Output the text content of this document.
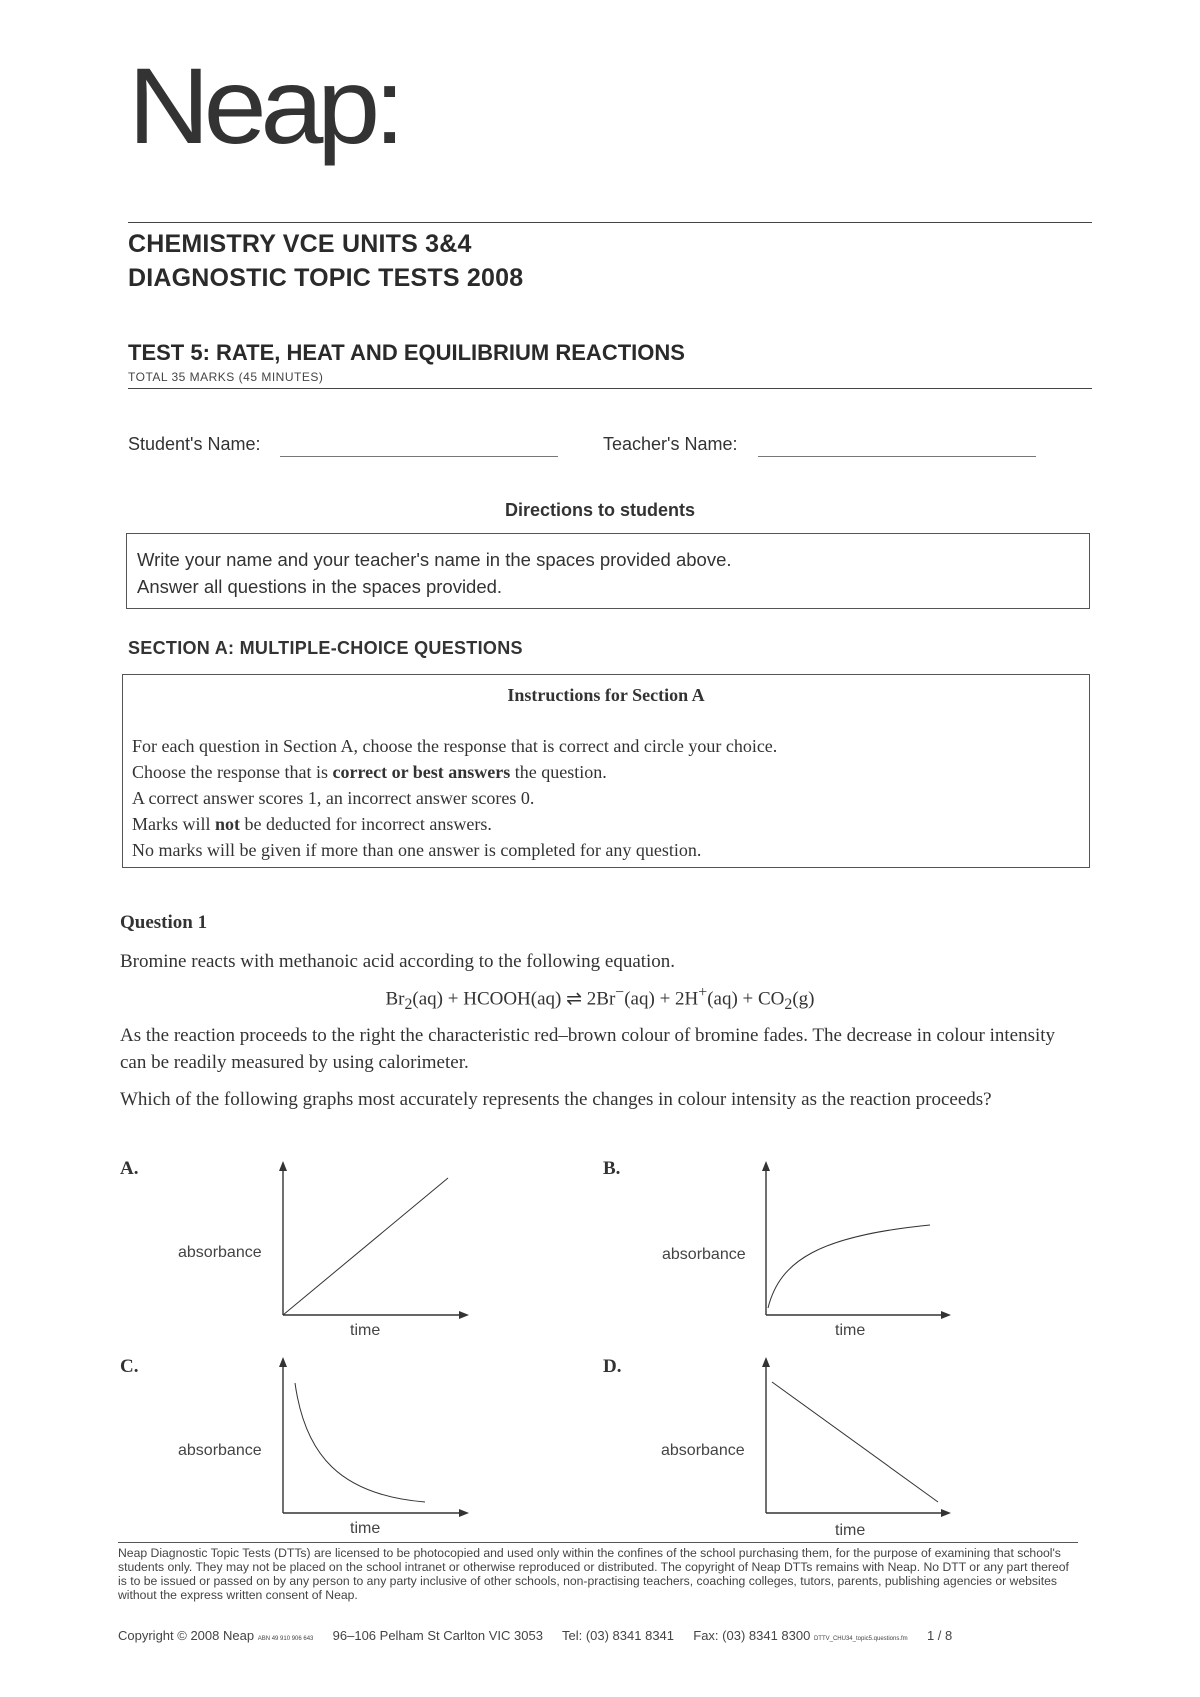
Neap:
CHEMISTRY VCE UNITS 3&4
DIAGNOSTIC TOPIC TESTS 2008
TEST 5: RATE, HEAT AND EQUILIBRIUM REACTIONS
TOTAL 35 MARKS (45 MINUTES)
Student's Name:	Teacher's Name:
Directions to students
Write your name and your teacher's name in the spaces provided above.
Answer all questions in the spaces provided.
SECTION A: MULTIPLE-CHOICE QUESTIONS
Instructions for Section A
For each question in Section A, choose the response that is correct and circle your choice.
Choose the response that is correct or best answers the question.
A correct answer scores 1, an incorrect answer scores 0.
Marks will not be deducted for incorrect answers.
No marks will be given if more than one answer is completed for any question.
Question 1
Bromine reacts with methanoic acid according to the following equation.
$Br_2(aq)$ + HCOOH(aq) ⇌ $2Br^-(aq) + 2H^+(aq) + CO_2(g)$
As the reaction proceeds to the right the characteristic red–brown colour of bromine fades. The decrease in colour intensity can be readily measured by using calorimeter.
Which of the following graphs most accurately represents the changes in colour intensity as the reaction proceeds?
A.	B.
C.	D.
absorbance
time
absorbance
time
absorbance
time
absorbance
time
Neap Diagnostic Topic Tests (DTTs) are licensed to be photocopied and used only within the confines of the school purchasing them, for the purpose of examining that school's students only. They may not be placed on the school intranet or otherwise reproduced or distributed. The copyright of Neap DTTs remains with Neap. No DTT or any part thereof is to be issued or passed on by any person to any party inclusive of other schools, non-practising teachers, coaching colleges, tutors, parents, publishing agencies or websites without the express written consent of Neap.
Copyright © 2008 Neap ABN 49 910 906 643 96–106 Pelham St Carlton VIC 3053 Tel: (03) 8341 8341 Fax: (03) 8341 8300 DTTV_CHU34_topic5.questions.fm 1 / 8
